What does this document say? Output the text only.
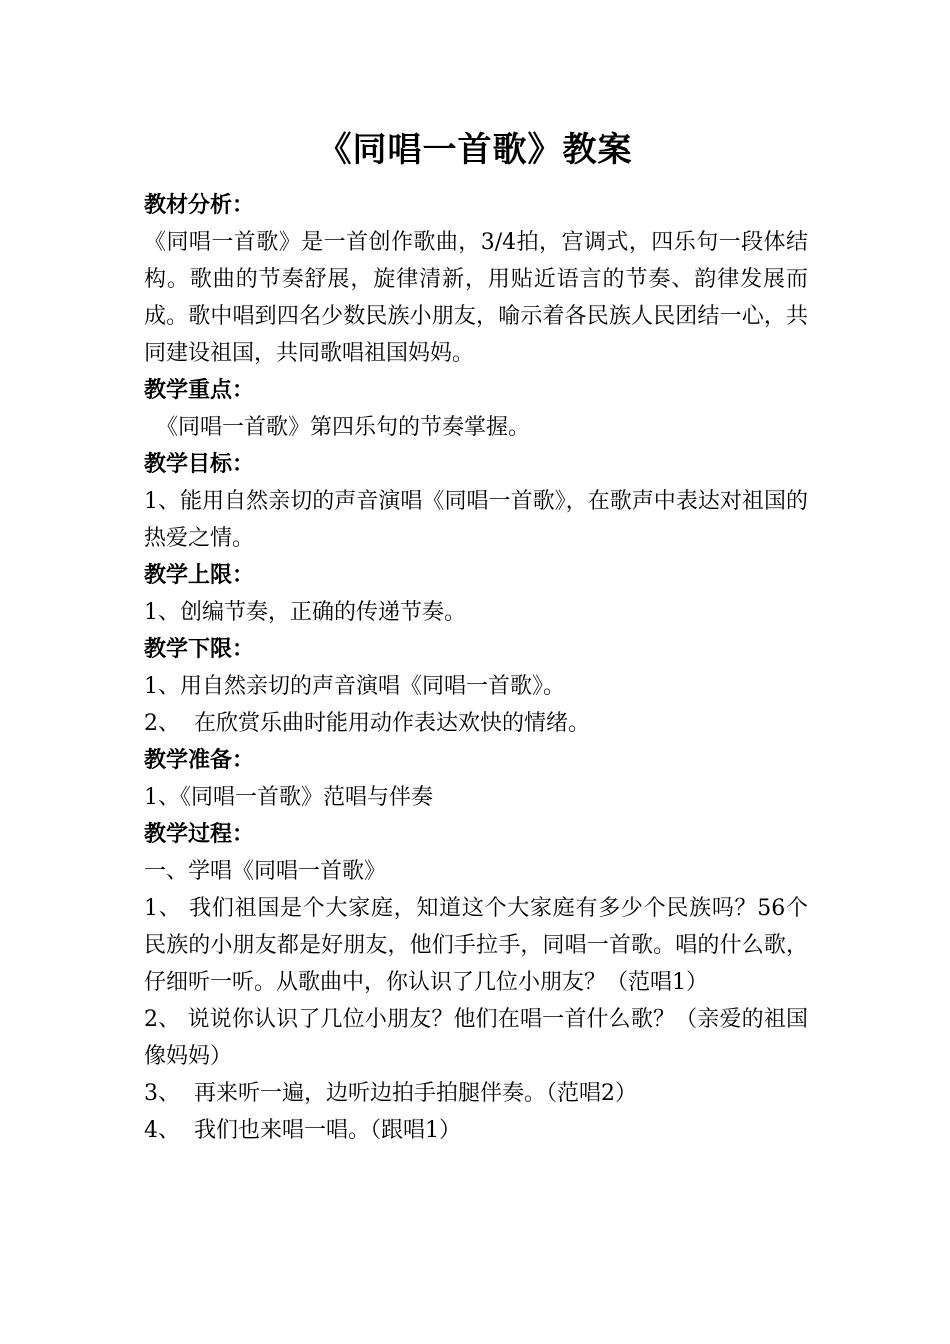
《同唱一首歌》教案
教材分析：
《同唱一首歌》是一首创作歌曲，3/4拍，宫调式，四乐句一段体结构。歌曲的节奏舒展，旋律清新，用贴近语言的节奏、韵律发展而成。歌中唱到四名少数民族小朋友，喻示着各民族人民团结一心，共同建设祖国，共同歌唱祖国妈妈。
教学重点：
《同唱一首歌》第四乐句的节奏掌握。
教学目标：
1、能用自然亲切的声音演唱《同唱一首歌》，在歌声中表达对祖国的热爱之情。
教学上限：
1、创编节奏，正确的传递节奏。
教学下限：
1、用自然亲切的声音演唱《同唱一首歌》。
2、  在欣赏乐曲时能用动作表达欢快的情绪。
教学准备：
1、《同唱一首歌》范唱与伴奏
教学过程：
一、学唱《同唱一首歌》
1、 我们祖国是个大家庭，知道这个大家庭有多少个民族吗？56个民族的小朋友都是好朋友，他们手拉手，同唱一首歌。唱的什么歌，仔细听一听。从歌曲中，你认识了几位小朋友？（范唱1）
2、 说说你认识了几位小朋友？他们在唱一首什么歌？（亲爱的祖国像妈妈）
3、  再来听一遍，边听边拍手拍腿伴奏。（范唱2）
4、  我们也来唱一唱。（跟唱1）
